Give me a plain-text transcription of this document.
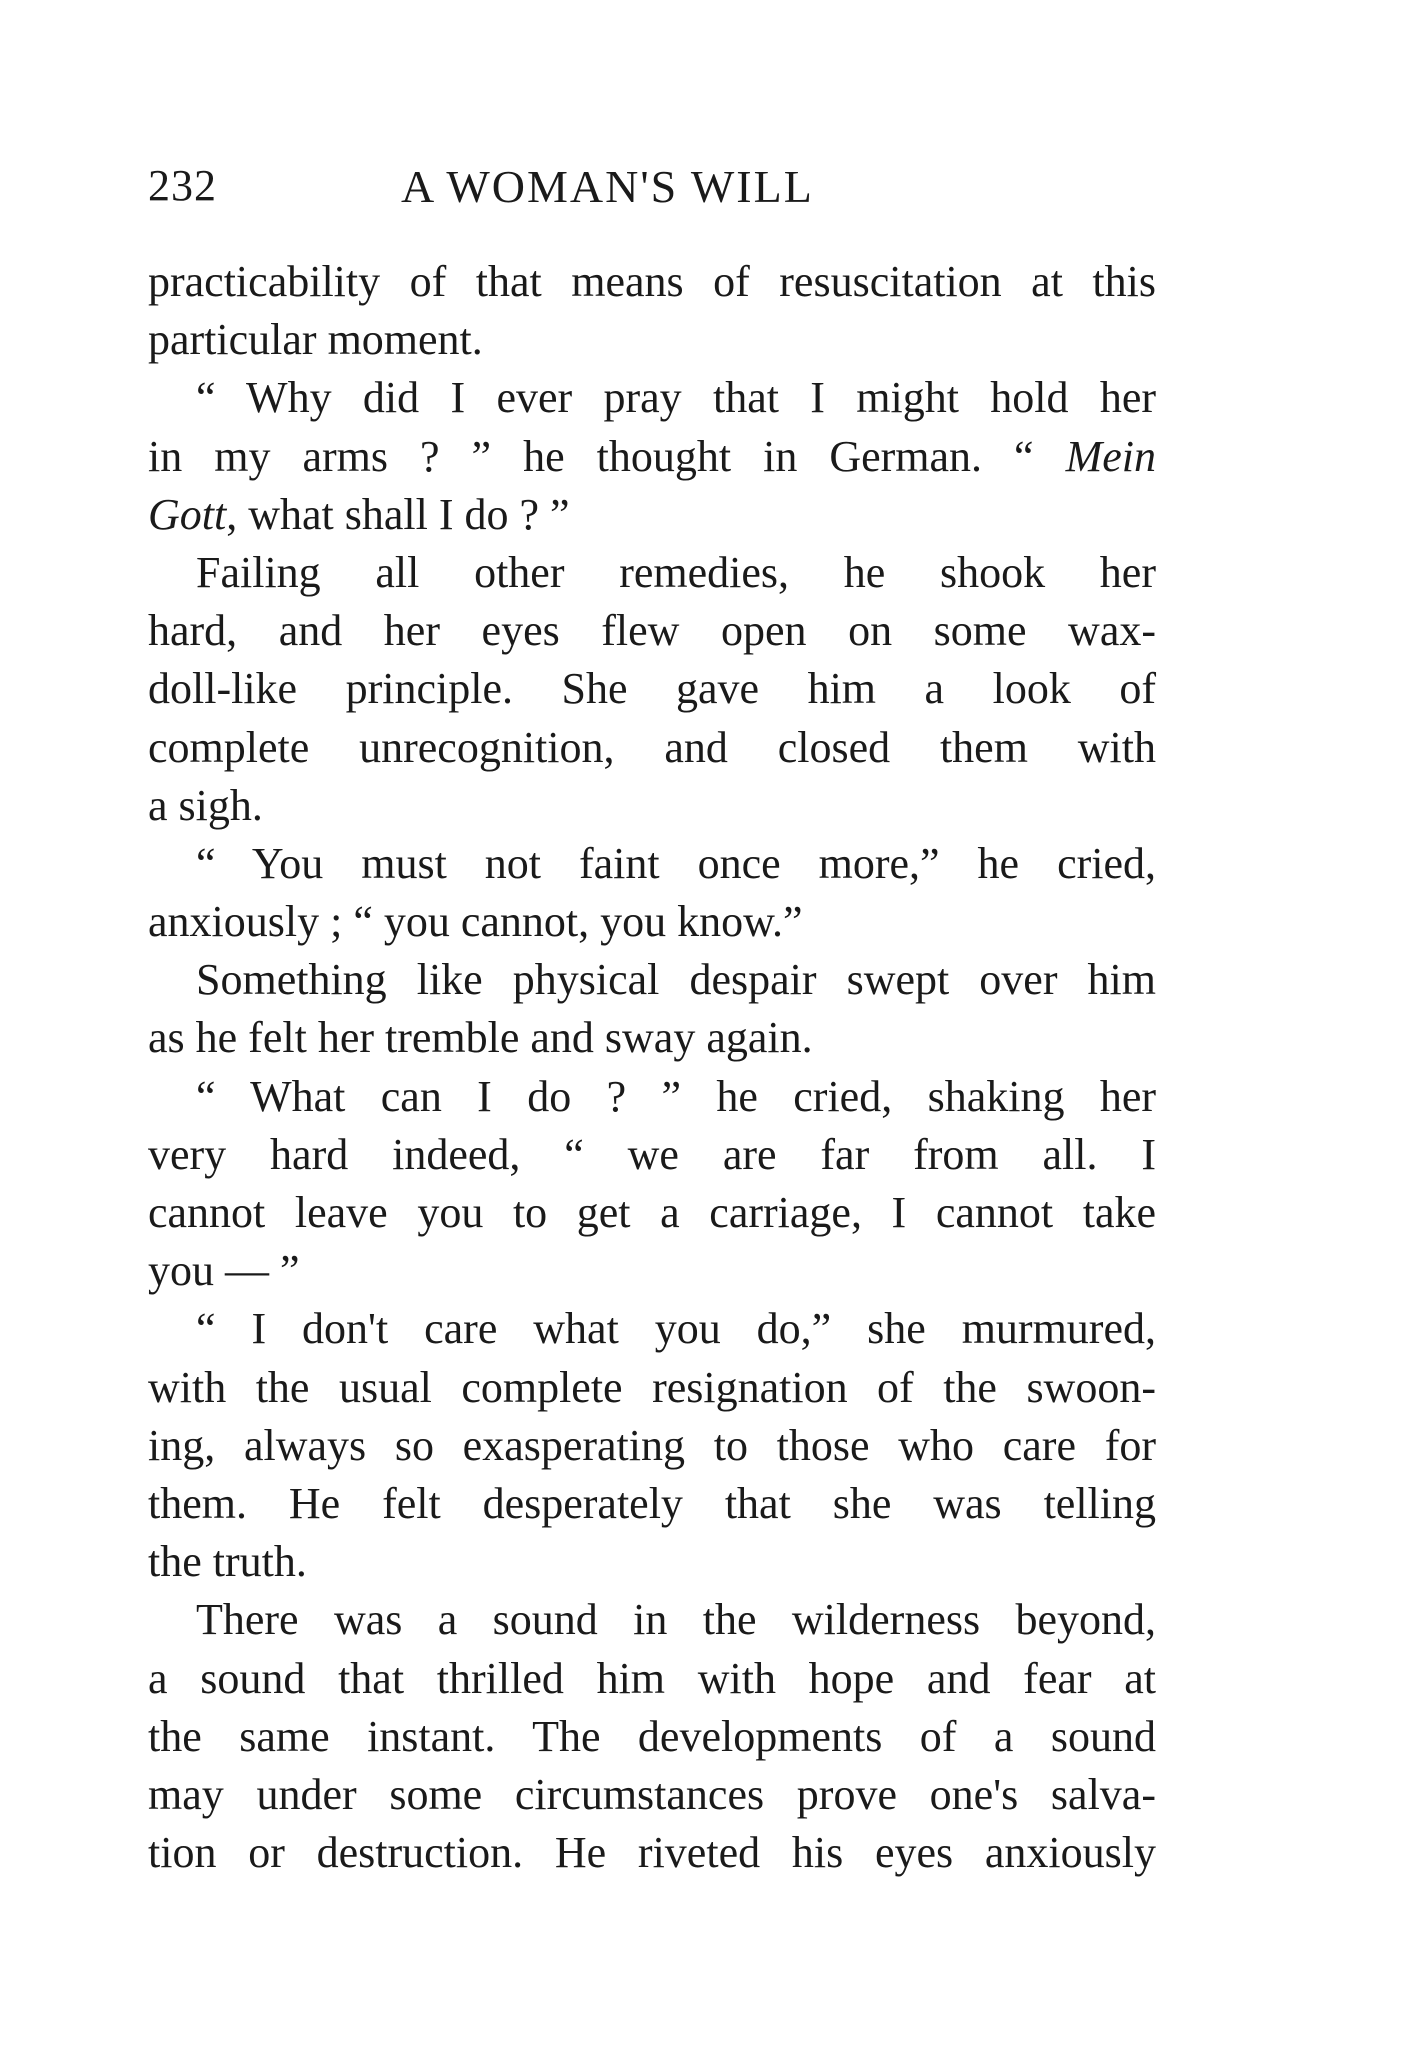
232	A WOMAN'S WILL
practicability of that means of resuscitation at this
particular moment.
“ Why did I ever pray that I might hold her
in my arms ? ” he thought in German. “ Mein
Gott, what shall I do ? ”
Failing all other remedies, he shook her
hard, and her eyes flew open on some wax-
doll-like principle. She gave him a look of
complete unrecognition, and closed them with
a sigh.
“ You must not faint once more,” he cried,
anxiously ; “ you cannot, you know.”
Something like physical despair swept over him
as he felt her tremble and sway again.
“ What can I do ? ” he cried, shaking her
very hard indeed, “ we are far from all. I
cannot leave you to get a carriage, I cannot take
you — ”
“ I don't care what you do,” she murmured,
with the usual complete resignation of the swoon-
ing, always so exasperating to those who care for
them. He felt desperately that she was telling
the truth.
There was a sound in the wilderness beyond,
a sound that thrilled him with hope and fear at
the same instant. The developments of a sound
may under some circumstances prove one's salva-
tion or destruction. He riveted his eyes anxiously
